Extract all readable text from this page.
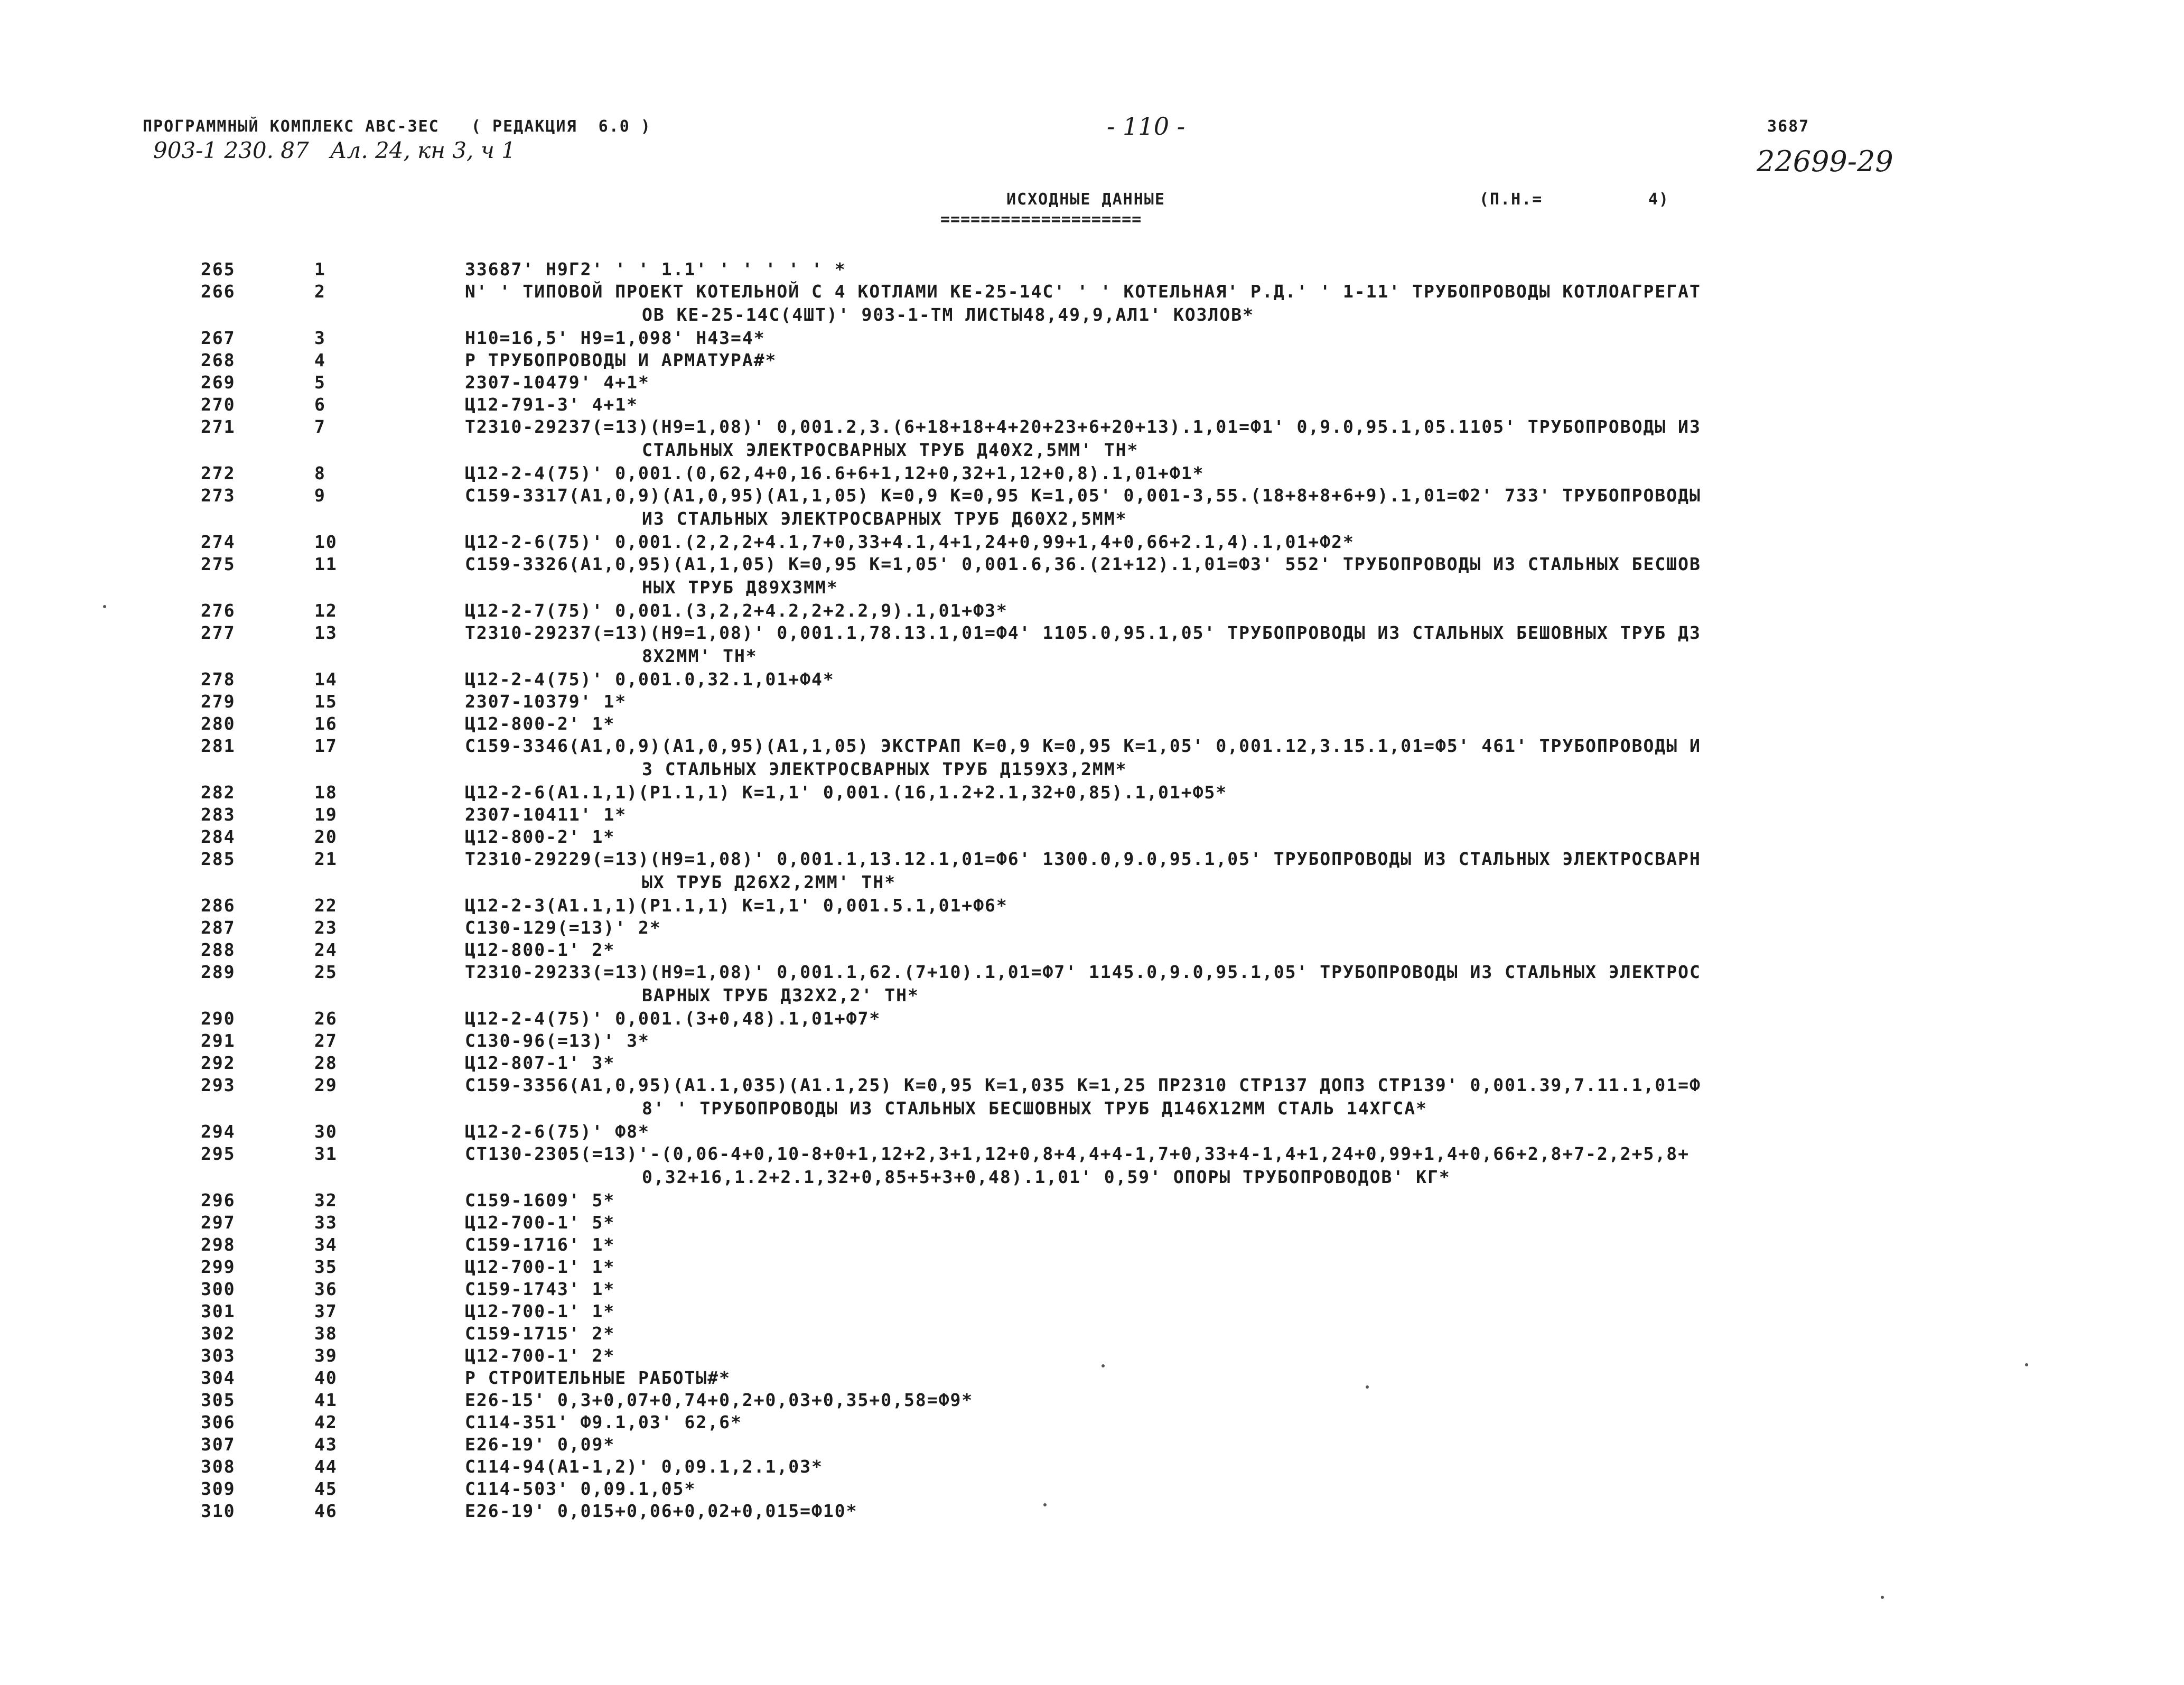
ПРОГРАММНЫЙ КОМПЛЕКС АВС-3ЕС   ( РЕДАКЦИЯ  6.0 )	- 110 -	3687
903-1 230. 87   Ал. 24, кн 3, ч 1	22699-29
ИСХОДНЫЕ ДАННЫЕ
====================
(П.Н.=	4)
265	1	33687' Н9Г2' ' ' 1.1' ' ' ' ' ' *
266	2	N' ' ТИПОВОЙ ПРОЕКТ КОТЕЛЬНОЙ С 4 КОТЛАМИ КЕ-25-14С' ' ' КОТЕЛЬНАЯ' Р.Д.' ' 1-11' ТРУБОПРОВОДЫ КОТЛОАГРЕГАТ
ОВ КЕ-25-14С(4ШТ)' 903-1-ТМ ЛИСТЫ48,49,9,АЛ1' КОЗЛОВ*
267	3	Н10=16,5' Н9=1,098' Н43=4*
268	4	Р ТРУБОПРОВОДЫ И АРМАТУРА#*
269	5	2307-10479' 4+1*
270	6	Ц12-791-3' 4+1*
271	7	Т2310-29237(=13)(Н9=1,08)' 0,001.2,3.(6+18+18+4+20+23+6+20+13).1,01=Ф1' 0,9.0,95.1,05.1105' ТРУБОПРОВОДЫ ИЗ
СТАЛЬНЫХ ЭЛЕКТРОСВАРНЫХ ТРУБ Д40Х2,5ММ' ТН*
272	8	Ц12-2-4(75)' 0,001.(0,62,4+0,16.6+6+1,12+0,32+1,12+0,8).1,01+Ф1*
273	9	С159-3317(А1,0,9)(А1,0,95)(А1,1,05) К=0,9 К=0,95 К=1,05' 0,001-3,55.(18+8+8+6+9).1,01=Ф2' 733' ТРУБОПРОВОДЫ
ИЗ СТАЛЬНЫХ ЭЛЕКТРОСВАРНЫХ ТРУБ Д60Х2,5ММ*
274	10	Ц12-2-6(75)' 0,001.(2,2,2+4.1,7+0,33+4.1,4+1,24+0,99+1,4+0,66+2.1,4).1,01+Ф2*
275	11	С159-3326(А1,0,95)(А1,1,05) К=0,95 К=1,05' 0,001.6,36.(21+12).1,01=Ф3' 552' ТРУБОПРОВОДЫ ИЗ СТАЛЬНЫХ БЕСШОВ
НЫХ ТРУБ Д89Х3ММ*
276	12	Ц12-2-7(75)' 0,001.(3,2,2+4.2,2+2.2,9).1,01+Ф3*
277	13	Т2310-29237(=13)(Н9=1,08)' 0,001.1,78.13.1,01=Ф4' 1105.0,95.1,05' ТРУБОПРОВОДЫ ИЗ СТАЛЬНЫХ БЕШОВНЫХ ТРУБ Д3
8Х2ММ' ТН*
278	14	Ц12-2-4(75)' 0,001.0,32.1,01+Ф4*
279	15	2307-10379' 1*
280	16	Ц12-800-2' 1*
281	17	С159-3346(А1,0,9)(А1,0,95)(А1,1,05) ЭКСТРАП К=0,9 К=0,95 К=1,05' 0,001.12,3.15.1,01=Ф5' 461' ТРУБОПРОВОДЫ И
З СТАЛЬНЫХ ЭЛЕКТРОСВАРНЫХ ТРУБ Д159Х3,2ММ*
282	18	Ц12-2-6(А1.1,1)(Р1.1,1) К=1,1' 0,001.(16,1.2+2.1,32+0,85).1,01+Ф5*
283	19	2307-10411' 1*
284	20	Ц12-800-2' 1*
285	21	Т2310-29229(=13)(Н9=1,08)' 0,001.1,13.12.1,01=Ф6' 1300.0,9.0,95.1,05' ТРУБОПРОВОДЫ ИЗ СТАЛЬНЫХ ЭЛЕКТРОСВАРН
ЫХ ТРУБ Д26Х2,2ММ' ТН*
286	22	Ц12-2-3(А1.1,1)(Р1.1,1) К=1,1' 0,001.5.1,01+Ф6*
287	23	С130-129(=13)' 2*
288	24	Ц12-800-1' 2*
289	25	Т2310-29233(=13)(Н9=1,08)' 0,001.1,62.(7+10).1,01=Ф7' 1145.0,9.0,95.1,05' ТРУБОПРОВОДЫ ИЗ СТАЛЬНЫХ ЭЛЕКТРОС
ВАРНЫХ ТРУБ Д32Х2,2' ТН*
290	26	Ц12-2-4(75)' 0,001.(3+0,48).1,01+Ф7*
291	27	С130-96(=13)' 3*
292	28	Ц12-807-1' 3*
293	29	С159-3356(А1,0,95)(А1.1,035)(А1.1,25) К=0,95 К=1,035 К=1,25 ПР2310 СТР137 ДОП3 СТР139' 0,001.39,7.11.1,01=Ф
8' ' ТРУБОПРОВОДЫ ИЗ СТАЛЬНЫХ БЕСШОВНЫХ ТРУБ Д146Х12ММ СТАЛЬ 14ХГСА*
294	30	Ц12-2-6(75)' Ф8*
295	31	СТ130-2305(=13)'-(0,06-4+0,10-8+0+1,12+2,3+1,12+0,8+4,4+4-1,7+0,33+4-1,4+1,24+0,99+1,4+0,66+2,8+7-2,2+5,8+
0,32+16,1.2+2.1,32+0,85+5+3+0,48).1,01' 0,59' ОПОРЫ ТРУБОПРОВОДОВ' КГ*
296	32	С159-1609' 5*
297	33	Ц12-700-1' 5*
298	34	С159-1716' 1*
299	35	Ц12-700-1' 1*
300	36	С159-1743' 1*
301	37	Ц12-700-1' 1*
302	38	С159-1715' 2*
303	39	Ц12-700-1' 2*
304	40	Р СТРОИТЕЛЬНЫЕ РАБОТЫ#*
305	41	Е26-15' 0,3+0,07+0,74+0,2+0,03+0,35+0,58=Ф9*
306	42	С114-351' Ф9.1,03' 62,6*
307	43	Е26-19' 0,09*
308	44	С114-94(А1-1,2)' 0,09.1,2.1,03*
309	45	С114-503' 0,09.1,05*
310	46	Е26-19' 0,015+0,06+0,02+0,015=Ф10*
